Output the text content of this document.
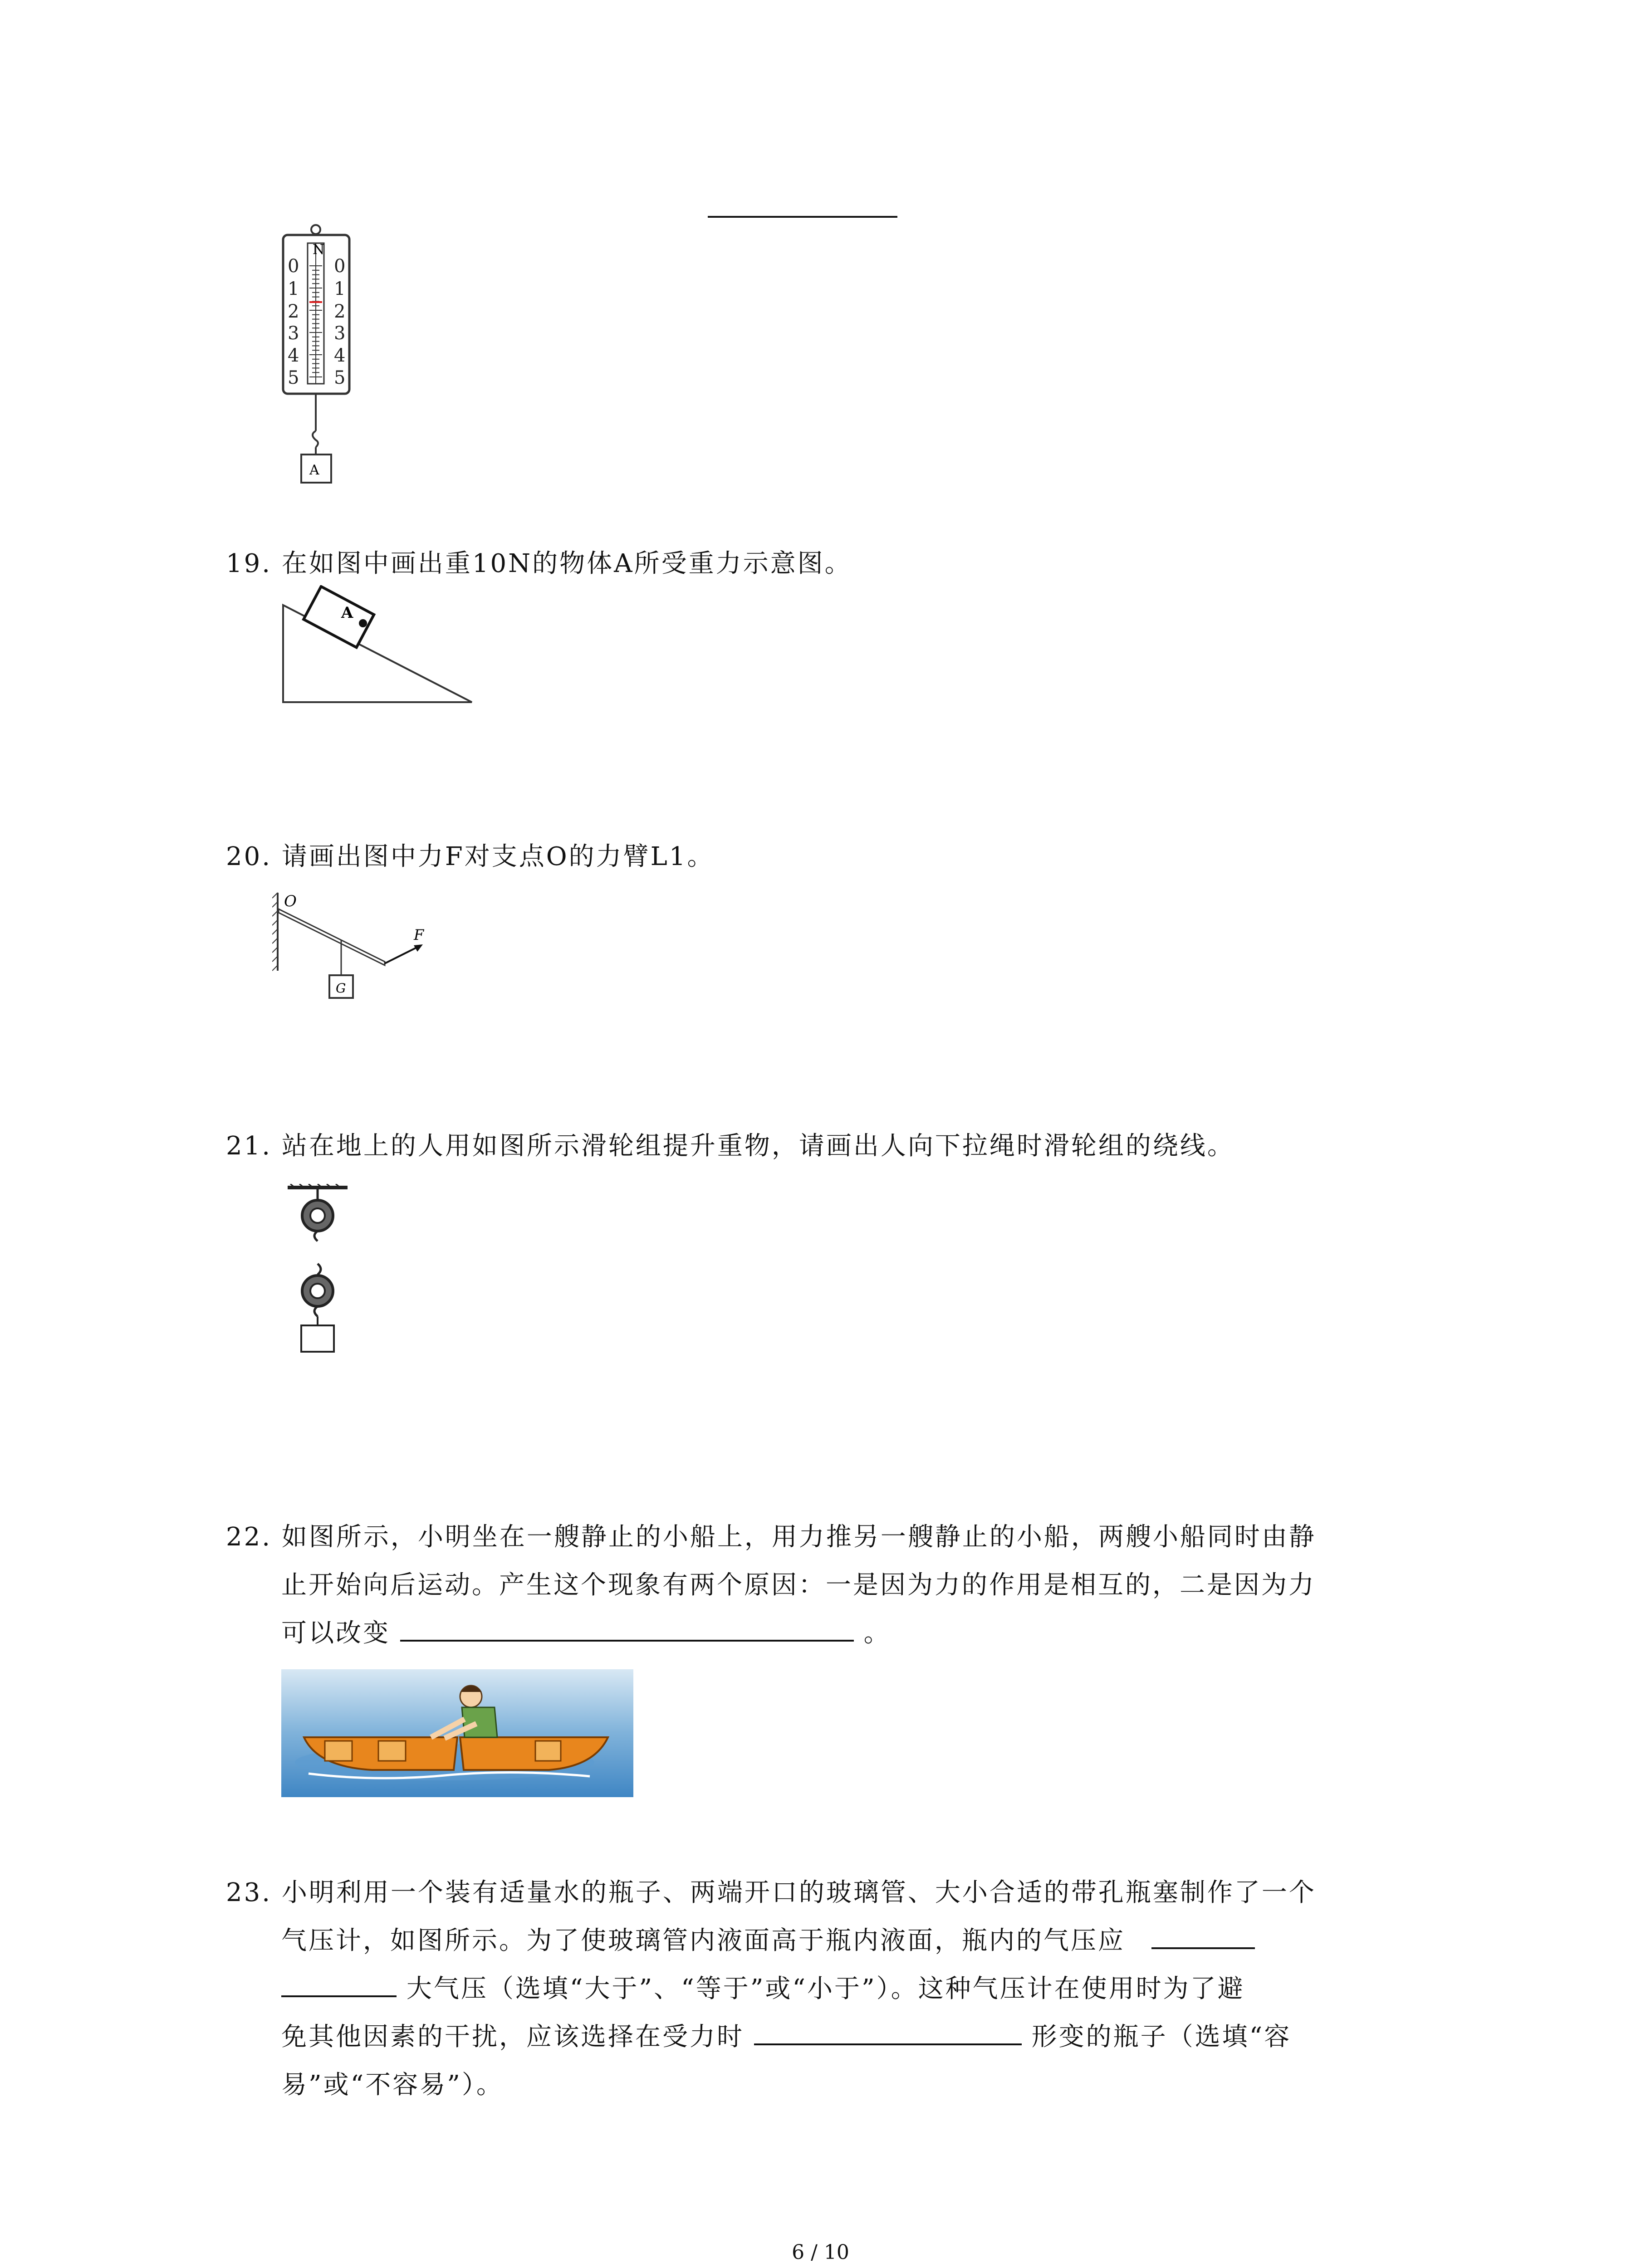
N
0
1
2
3
4
5
0
1
2
3
4
5
A
19. 在如图中画出重10N的物体A所受重力示意图。
A
20. 请画出图中力F对支点O的力臂L1。
O
F
G
21. 站在地上的人用如图所示滑轮组提升重物，请画出人向下拉绳时滑轮组的绕线。
22. 如图所示，小明坐在一艘静止的小船上，用力推另一艘静止的小船，两艘小船同时由静
止开始向后运动。产生这个现象有两个原因：一是因为力的作用是相互的，二是因为力
可以改变	。
23. 小明利用一个装有适量水的瓶子、两端开口的玻璃管、大小合适的带孔瓶塞制作了一个
气压计，如图所示。为了使玻璃管内液面高于瓶内液面，瓶内的气压应
大气压（选填“大于”、“等于”或“小于”）。这种气压计在使用时为了避
免其他因素的干扰，应该选择在受力时	形变的瓶子（选填“容
易”或“不容易”）。
6 / 10
